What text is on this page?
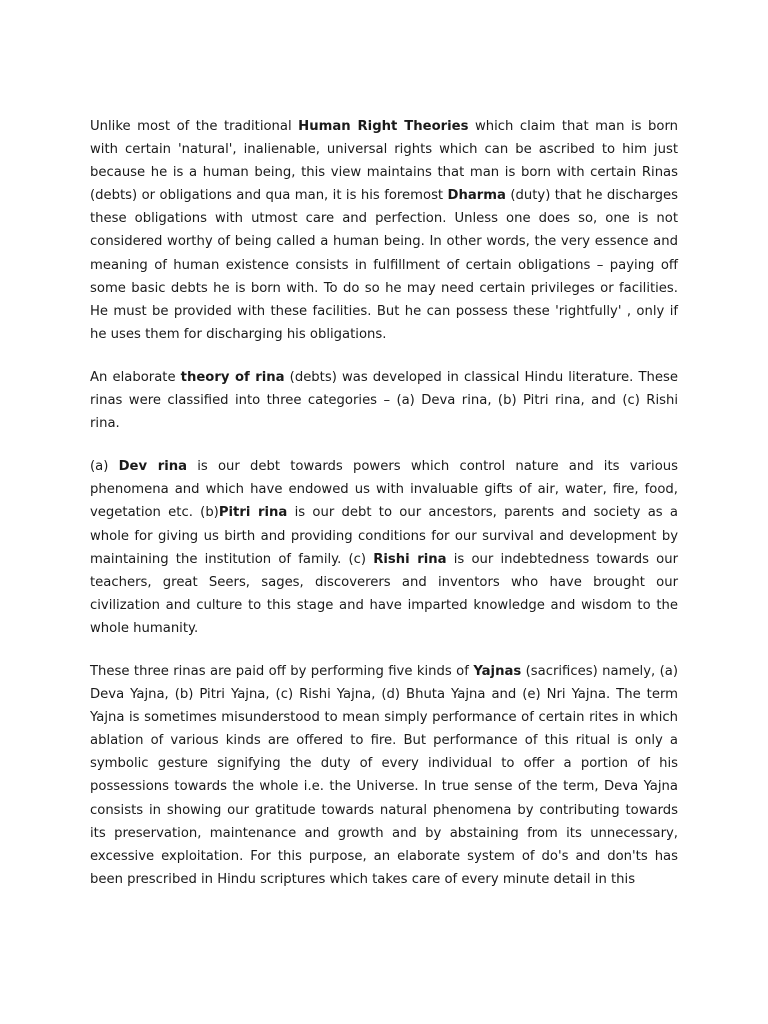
Unlike most of the traditional Human Right Theories which claim that man is born with certain 'natural', inalienable, universal rights which can be ascribed to him just because he is a human being, this view maintains that man is born with certain Rinas (debts) or obligations and qua man, it is his foremost Dharma (duty) that he discharges these obligations with utmost care and perfection. Unless one does so, one is not considered worthy of being called a human being. In other words, the very essence and meaning of human existence consists in fulfillment of certain obligations – paying off some basic debts he is born with. To do so he may need certain privileges or facilities. He must be provided with these facilities. But he can possess these 'rightfully' , only if he uses them for discharging his obligations.

An elaborate theory of rina (debts) was developed in classical Hindu literature. These rinas were classified into three categories – (a) Deva rina, (b) Pitri rina, and (c) Rishi rina.

(a) Dev rina is our debt towards powers which control nature and its various phenomena and which have endowed us with invaluable gifts of air, water, fire, food, vegetation etc. (b)Pitri rina is our debt to our ancestors, parents and society as a whole for giving us birth and providing conditions for our survival and development by maintaining the institution of family. (c) Rishi rina is our indebtedness towards our teachers, great Seers, sages, discoverers and inventors who have brought our civilization and culture to this stage and have imparted knowledge and wisdom to the whole humanity.

These three rinas are paid off by performing five kinds of Yajnas (sacrifices) namely, (a) Deva Yajna, (b) Pitri Yajna, (c) Rishi Yajna, (d) Bhuta Yajna and (e) Nri Yajna. The term Yajna is sometimes misunderstood to mean simply performance of certain rites in which ablation of various kinds are offered to fire. But performance of this ritual is only a symbolic gesture signifying the duty of every individual to offer a portion of his possessions towards the whole i.e. the Universe. In true sense of the term, Deva Yajna consists in showing our gratitude towards natural phenomena by contributing towards its preservation, maintenance and growth and by abstaining from its unnecessary, excessive exploitation. For this purpose, an elaborate system of do's and don'ts has been prescribed in Hindu scriptures which takes care of every minute detail in this
